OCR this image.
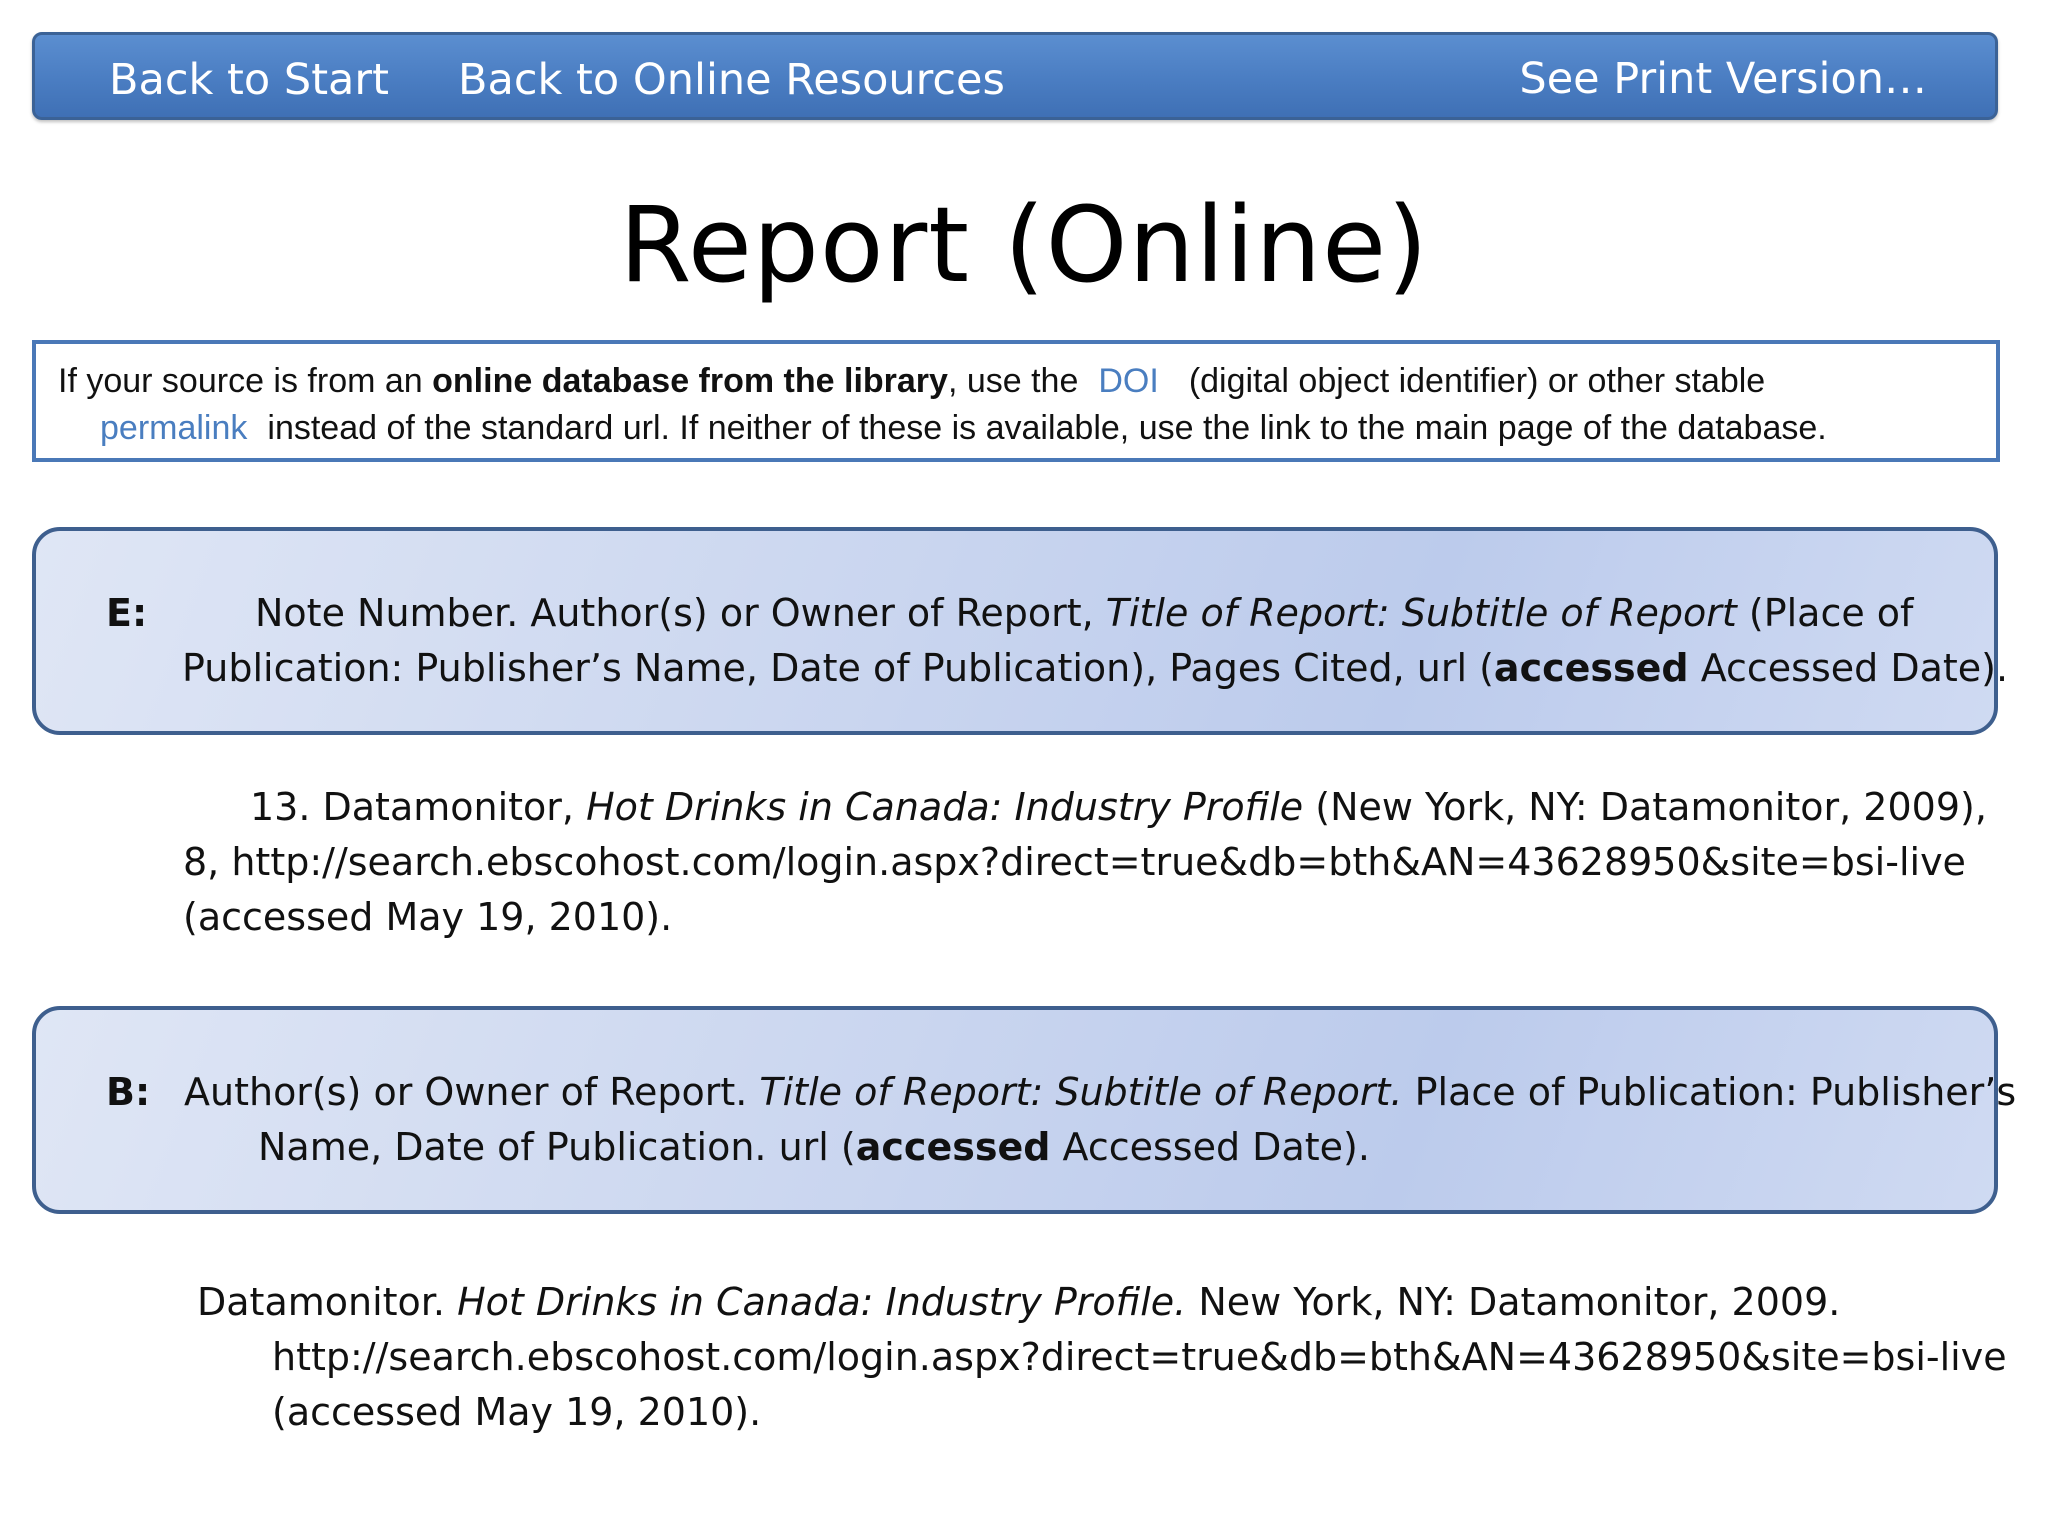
Back to Start Back to Online Resources	See Print Version…
Report (Online)
If your source is from an online database from the library, use the DOI (digital object identifier) or other stable
permalink instead of the standard url. If neither of these is available, use the link to the main page of the database.
E:	Note Number. Author(s) or Owner of Report, Title of Report: Subtitle of Report (Place of
Publication: Publisher’s Name, Date of Publication), Pages Cited, url (accessed Accessed Date).
13. Datamonitor, Hot Drinks in Canada: Industry Profile (New York, NY: Datamonitor, 2009),
8, http://search.ebscohost.com/login.aspx?direct=true&db=bth&AN=43628950&site=bsi-live
(accessed May 19, 2010).
B: Author(s) or Owner of Report. Title of Report: Subtitle of Report. Place of Publication: Publisher’s
Name, Date of Publication. url (accessed Accessed Date).
Datamonitor. Hot Drinks in Canada: Industry Profile. New York, NY: Datamonitor, 2009.
http://search.ebscohost.com/login.aspx?direct=true&db=bth&AN=43628950&site=bsi-live
(accessed May 19, 2010).
